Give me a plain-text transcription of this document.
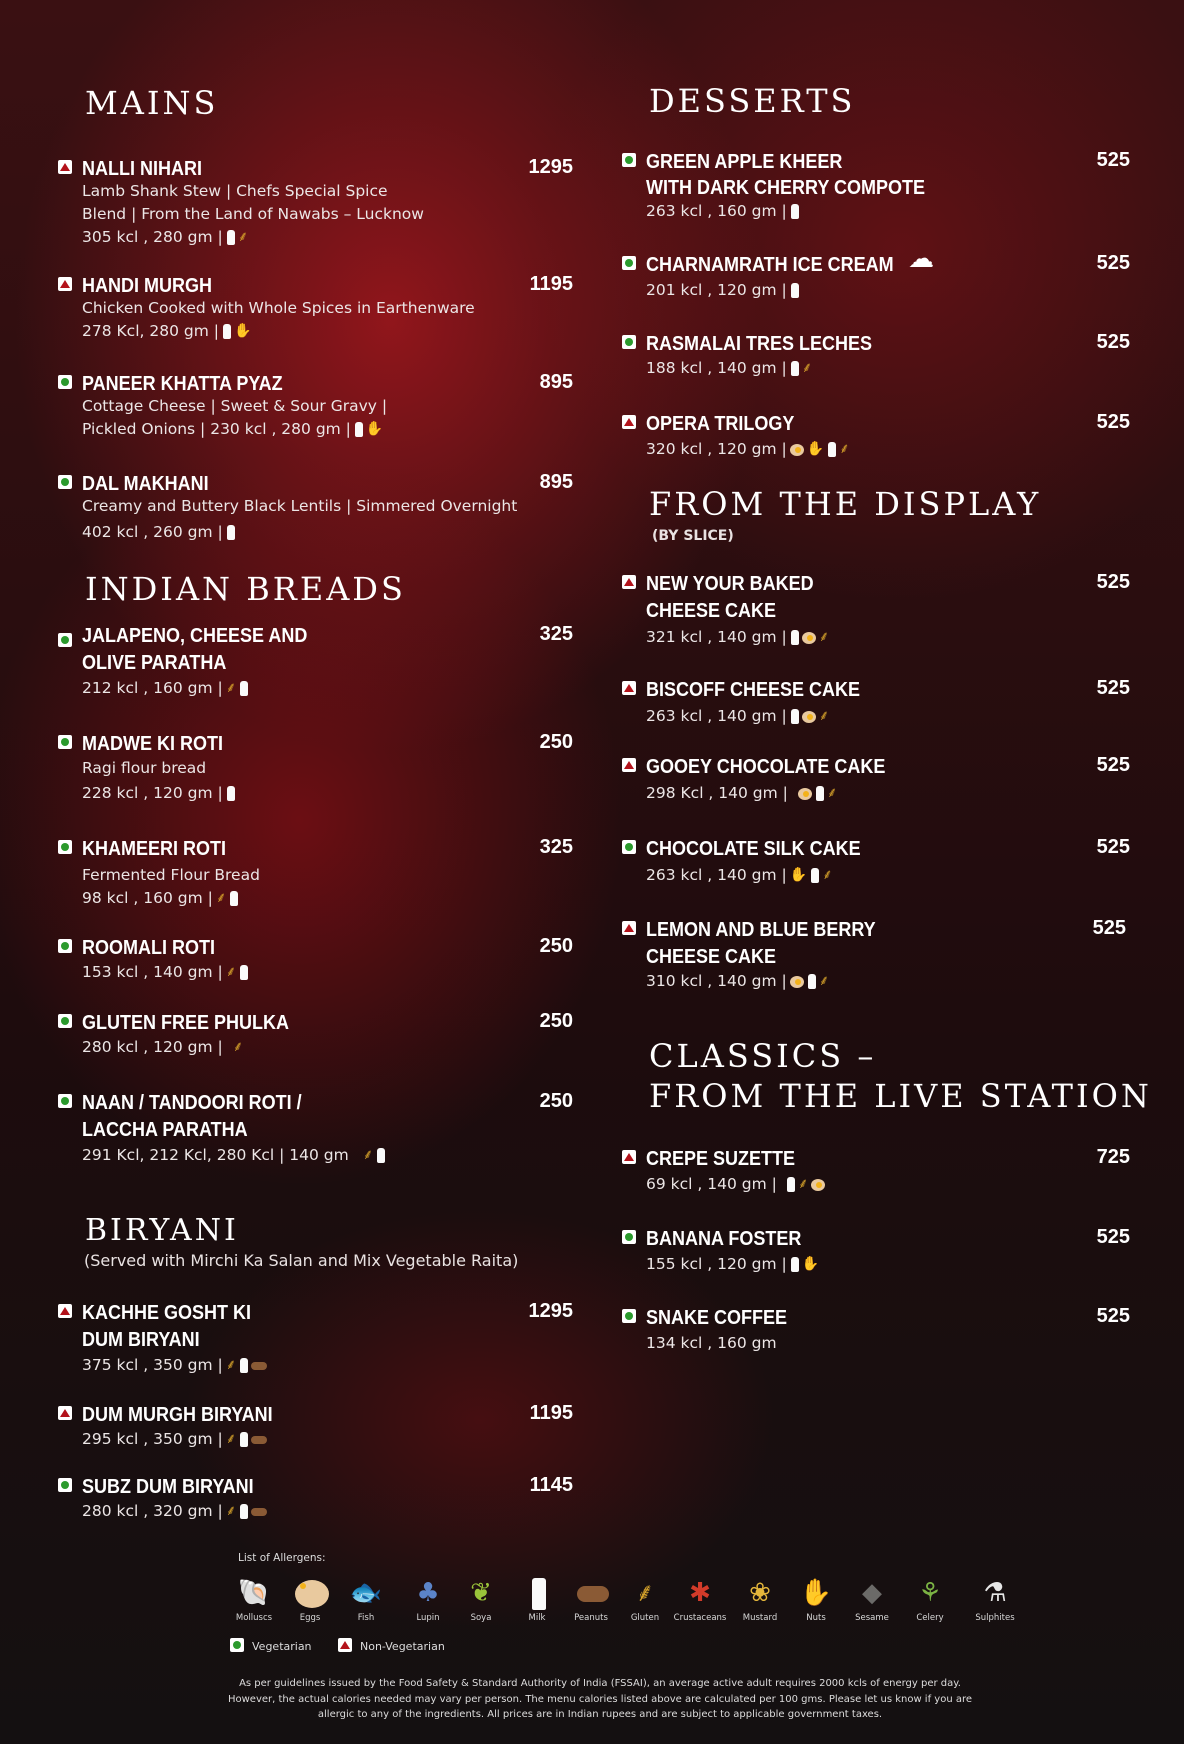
MAINS
NALLI NIHARI	1295
Lamb Shank Stew | Chefs Special Spice
Blend | From the Land of Nawabs – Lucknow
305 kcl , 280 gm | ⸙
HANDI MURGH	1195
Chicken Cooked with Whole Spices in Earthenware
278 Kcl, 280 gm | ✋
PANEER KHATTA PYAZ	895
Cottage Cheese | Sweet & Sour Gravy |
Pickled Onions | 230 kcl , 280 gm | ✋
DAL MAKHANI	895
Creamy and Buttery Black Lentils | Simmered Overnight
402 kcl , 260 gm |
INDIAN BREADS
JALAPENO, CHEESE AND
OLIVE PARATHA
325
212 kcl , 160 gm | ⸙
MADWE KI ROTI	250
Ragi flour bread
228 kcl , 120 gm |
KHAMEERI ROTI	325
Fermented Flour Bread
98 kcl , 160 gm | ⸙
ROOMALI ROTI	250
153 kcl , 140 gm | ⸙
GLUTEN FREE PHULKA	250
280 kcl , 120 gm | ⸙
NAAN / TANDOORI ROTI /
LACCHA PARATHA
250
291 Kcl, 212 Kcl, 280 Kcl | 140 gm ⸙
BIRYANI
(Served with Mirchi Ka Salan and Mix Vegetable Raita)
KACHHE GOSHT KI
DUM BIRYANI
1295
375 kcl , 350 gm | ⸙
DUM MURGH BIRYANI	1195
295 kcl , 350 gm | ⸙
SUBZ DUM BIRYANI	1145
280 kcl , 320 gm | ⸙
DESSERTS
GREEN APPLE KHEER
WITH DARK CHERRY COMPOTE
525
263 kcl , 160 gm |
CHARNAMRATH ICE CREAM ☁	525
201 kcl , 120 gm |
RASMALAI TRES LECHES	525
188 kcl , 140 gm | ⸙
OPERA TRILOGY	525
320 kcl , 120 gm | ✋ ⸙
FROM THE DISPLAY
(BY SLICE)
NEW YOUR BAKED
CHEESE CAKE
525
321 kcl , 140 gm | ⸙
BISCOFF CHEESE CAKE	525
263 kcl , 140 gm | ⸙
GOOEY CHOCOLATE CAKE	525
298 Kcl , 140 gm |	⸙
CHOCOLATE SILK CAKE	525
263 kcl , 140 gm | ✋ ⸙
LEMON AND BLUE BERRY
CHEESE CAKE
525
310 kcl , 140 gm | ⸙
CLASSICS –
FROM THE LIVE STATION
CREPE SUZETTE	725
69 kcl , 140 gm | ⸙
BANANA FOSTER	525
155 kcl , 120 gm | ✋
SNAKE COFFEE	525
134 kcl , 160 gm
List of Allergens:
🐚
Molluscs	Eggs
🐟
Fish
♣
Lupin
❦
Soya	Milk	Peanuts
⸙
Gluten
✱
Crustaceans
❀
Mustard
✋
Nuts
◆
Sesame
⚘
Celery
⚗
Sulphites
Vegetarian	Non-Vegetarian
As per guidelines issued by the Food Safety & Standard Authority of India (FSSAI), an average active adult requires 2000 kcls of energy per day.
However, the actual calories needed may vary per person. The menu calories listed above are calculated per 100 gms. Please let us know if you are
allergic to any of the ingredients. All prices are in Indian rupees and are subject to applicable government taxes.
